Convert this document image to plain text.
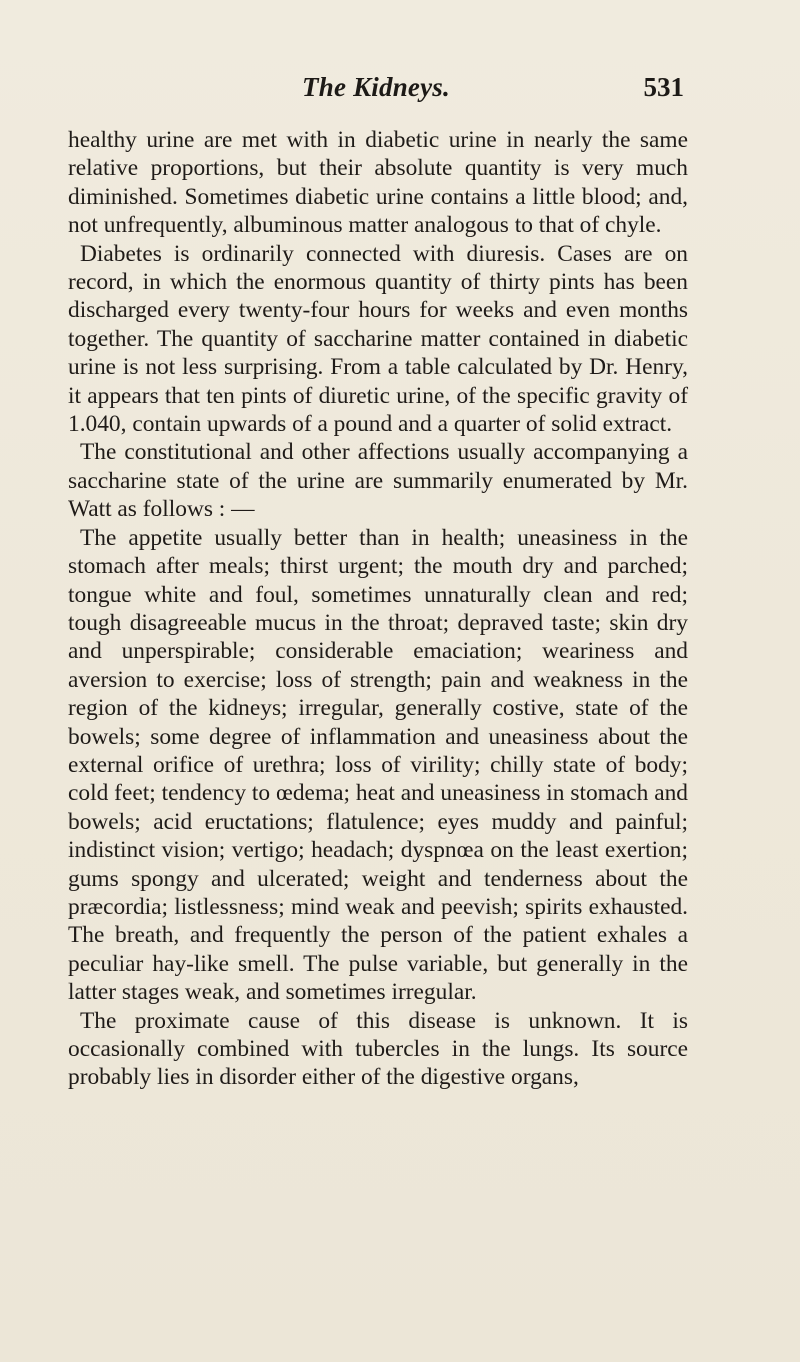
The Kidneys.	531

healthy urine are met with in diabetic urine in nearly the same relative proportions, but their absolute quantity is very much diminished. Sometimes diabetic urine contains a little blood; and, not unfrequently, albuminous matter analogous to that of chyle.

Diabetes is ordinarily connected with diuresis. Cases are on record, in which the enormous quantity of thirty pints has been discharged every twenty-four hours for weeks and even months together. The quantity of saccharine matter contained in diabetic urine is not less surprising. From a table calculated by Dr. Henry, it appears that ten pints of diuretic urine, of the specific gravity of 1.040, contain upwards of a pound and a quarter of solid extract.

The constitutional and other affections usually accompanying a saccharine state of the urine are summarily enumerated by Mr. Watt as follows : —

The appetite usually better than in health; uneasiness in the stomach after meals; thirst urgent; the mouth dry and parched; tongue white and foul, sometimes unnaturally clean and red; tough disagreeable mucus in the throat; depraved taste; skin dry and unperspirable; considerable emaciation; weariness and aversion to exercise; loss of strength; pain and weakness in the region of the kidneys; irregular, generally costive, state of the bowels; some degree of inflammation and uneasiness about the external orifice of urethra; loss of virility; chilly state of body; cold feet; tendency to œdema; heat and uneasiness in stomach and bowels; acid eructations; flatulence; eyes muddy and painful; indistinct vision; vertigo; headach; dyspnœa on the least exertion; gums spongy and ulcerated; weight and tenderness about the præcordia; listlessness; mind weak and peevish; spirits exhausted. The breath, and frequently the person of the patient exhales a peculiar hay-like smell. The pulse variable, but generally in the latter stages weak, and sometimes irregular.

The proximate cause of this disease is unknown. It is occasionally combined with tubercles in the lungs. Its source probably lies in disorder either of the digestive organs,
